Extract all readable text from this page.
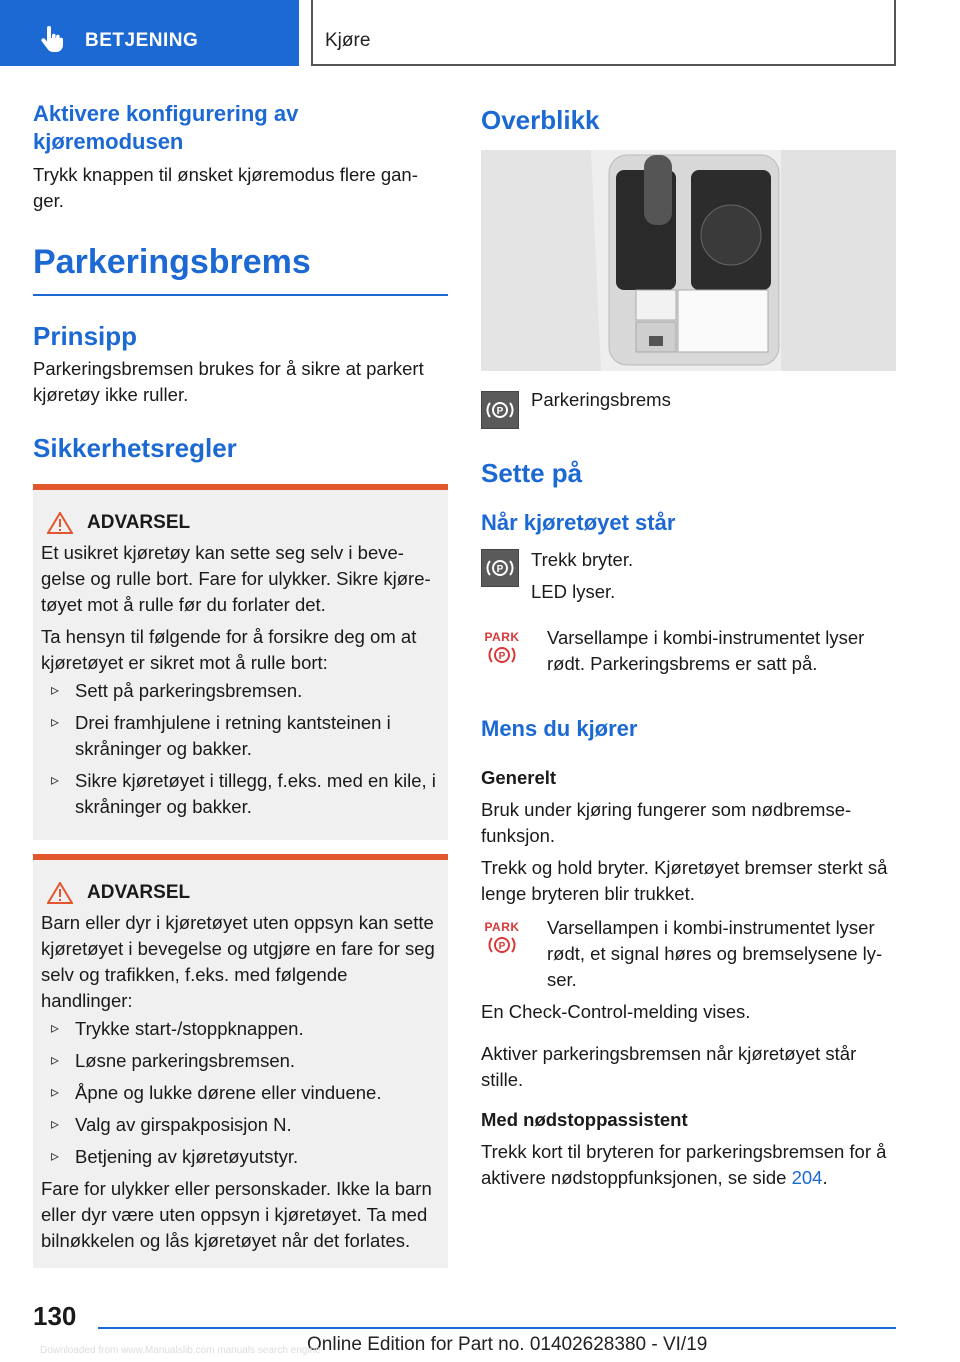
BETJENING	Kjøre
Aktivere konfigurering av kjøremodusen

Trykk knappen til ønsket kjøremodus flere gan-ger.

Parkeringsbrems
Prinsipp

Parkeringsbremsen brukes for å sikre at parkert kjøretøy ikke ruller.

Sikkerhetsregler
ADVARSEL

Et usikret kjøretøy kan sette seg selv i beve-gelse og rulle bort. Fare for ulykker. Sikre kjøre-tøyet mot å rulle før du forlater det.

Ta hensyn til følgende for å forsikre deg om at kjøretøyet er sikret mot å rulle bort:

▹ Sett på parkeringsbremsen.
▹ Drei framhjulene i retning kantsteinen i skråninger og bakker.
▹ Sikre kjøretøyet i tillegg, f.eks. med en kile, i skråninger og bakker.
ADVARSEL

Barn eller dyr i kjøretøyet uten oppsyn kan sette kjøretøyet i bevegelse og utgjøre en fare for seg selv og trafikken, f.eks. med følgende handlinger:

▹ Trykke start-/stoppknappen.
▹ Løsne parkeringsbremsen.
▹ Åpne og lukke dørene eller vinduene.
▹ Valg av girspakposisjon N.
▹ Betjening av kjøretøyutstyr.

Fare for ulykker eller personskader. Ikke la barn eller dyr være uten oppsyn i kjøretøyet. Ta med bilnøkkelen og lås kjøretøyet når det forlates.

Overblikk
P
Parkeringsbrems
Sette på
Når kjøretøyet står
P Trekk bryter.

LED lyser.

PARK
P

Varsellampe i kombi-instrumentet lyser rødt. Parkeringsbrems er satt på.

Mens du kjører
Generelt

Bruk under kjøring fungerer som nødbremse-funksjon.

Trekk og hold bryter. Kjøretøyet bremser sterkt så lenge bryteren blir trukket.

PARK
P

Varsellampen i kombi-instrumentet lyser rødt, et signal høres og bremselysene ly-ser.

En Check-Control-melding vises.

Aktiver parkeringsbremsen når kjøretøyet står stille.

Med nødstoppassistent

Trekk kort til bryteren for parkeringsbremsen for å aktivere nødstoppfunksjonen, se side 204.

130
Online Edition for Part no. 01402628380 - VI/19
Downloaded from www.Manualslib.com manuals search engine
